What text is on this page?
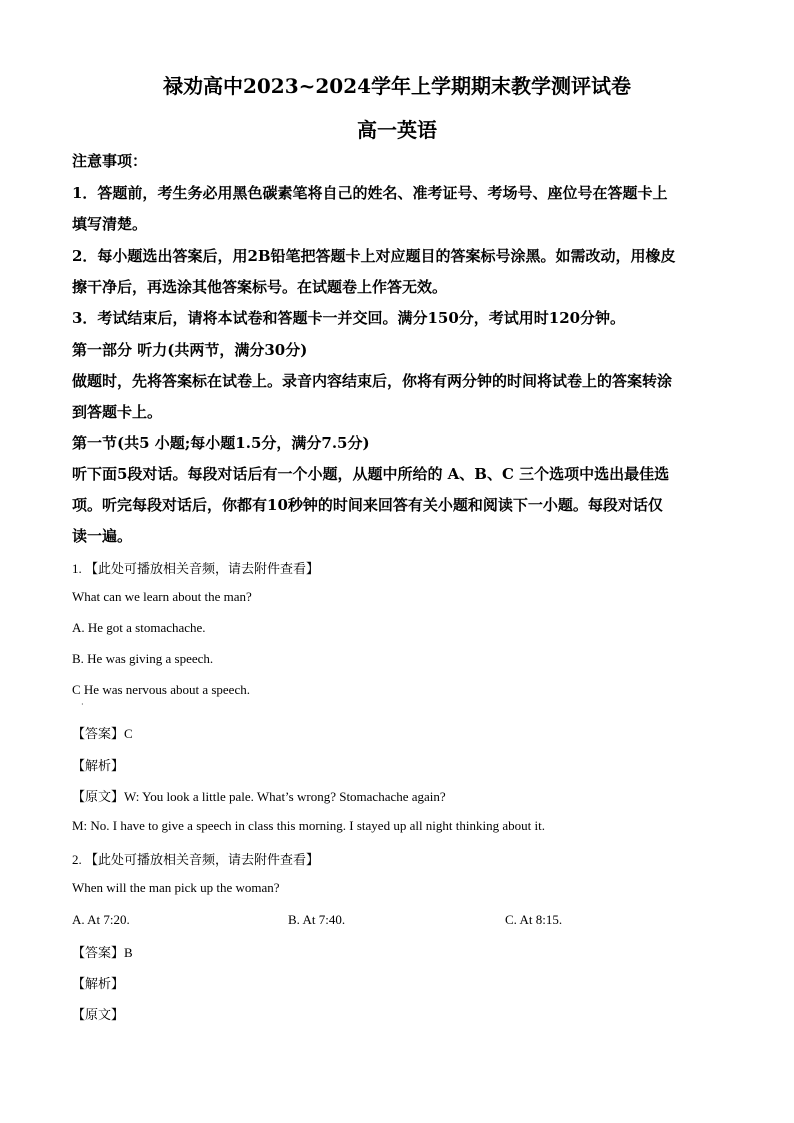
禄劝高中2023~2024学年上学期期末教学测评试卷
高一英语
注意事项：
1．答题前，考生务必用黑色碳素笔将自己的姓名、准考证号、考场号、座位号在答题卡上
填写清楚。
2．每小题选出答案后，用2B铅笔把答题卡上对应题目的答案标号涂黑。如需改动，用橡皮
擦干净后，再选涂其他答案标号。在试题卷上作答无效。
3．考试结束后，请将本试卷和答题卡一并交回。满分150分，考试用时120分钟。
第一部分 听力(共两节，满分30分)
做题时，先将答案标在试卷上。录音内容结束后，你将有两分钟的时间将试卷上的答案转涂
到答题卡上。
第一节(共5 小题;每小题1.5分，满分7.5分)
听下面5段对话。每段对话后有一个小题，从题中所给的 A、B、C 三个选项中选出最佳选
项。听完每段对话后，你都有10秒钟的时间来回答有关小题和阅读下一小题。每段对话仅
读一遍。
1. 【此处可播放相关音频，请去附件查看】
What can we learn about the man?
A. He got a stomachache.
B. He was giving a speech.
C He was nervous about a speech.
·
【答案】C
【解析】
【原文】W: You look a little pale. What’s wrong? Stomachache again?
M: No. I have to give a speech in class this morning. I stayed up all night thinking about it.
2. 【此处可播放相关音频，请去附件查看】
When will the man pick up the woman?
A. At 7:20.	B. At 7:40.	C. At 8:15.
【答案】B
【解析】
【原文】
